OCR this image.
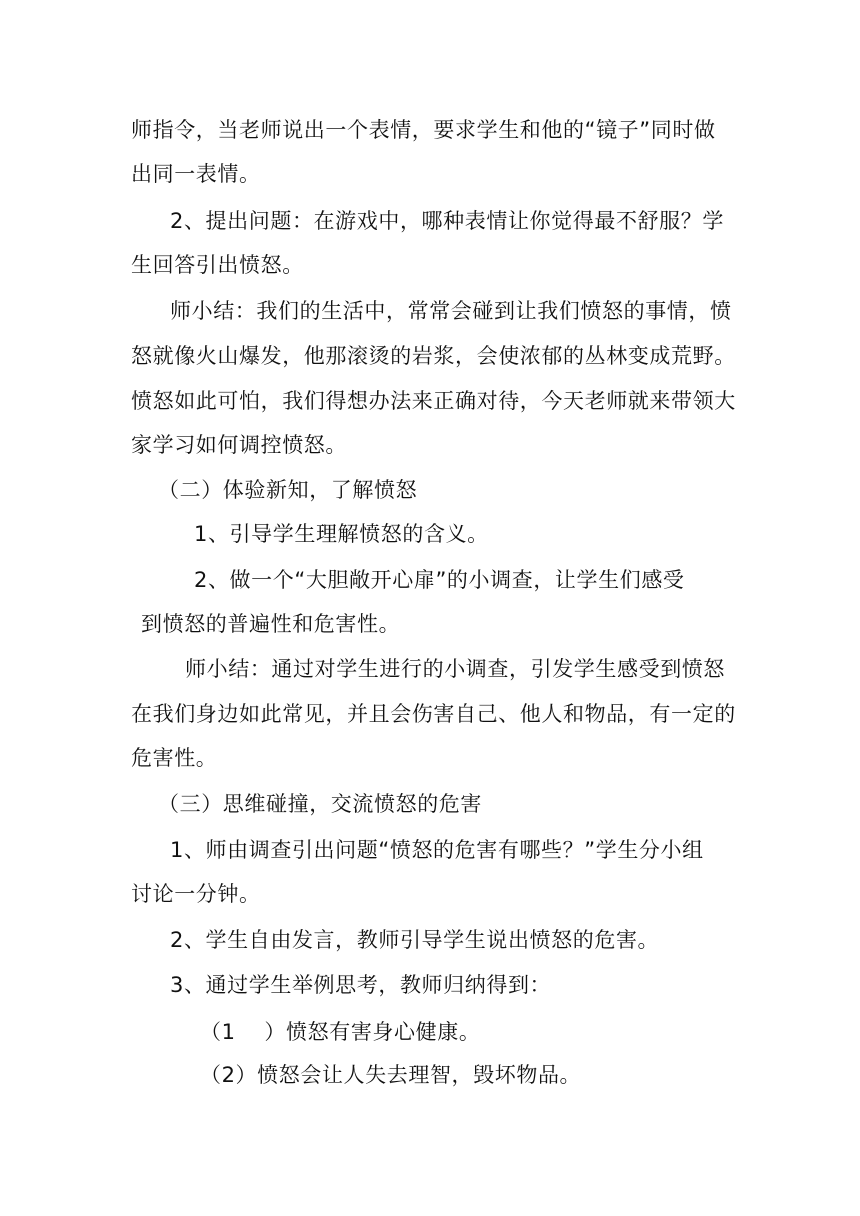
师指令，当老师说出一个表情，要求学生和他的“镜子”同时做
出同一表情。
2、提出问题：在游戏中，哪种表情让你觉得最不舒服？学
生回答引出愤怒。
师小结：我们的生活中，常常会碰到让我们愤怒的事情，愤
怒就像火山爆发，他那滚烫的岩浆，会使浓郁的丛林变成荒野。
愤怒如此可怕，我们得想办法来正确对待，今天老师就来带领大
家学习如何调控愤怒。
（二）体验新知，了解愤怒
1、引导学生理解愤怒的含义。
2、做一个“大胆敞开心扉”的小调查，让学生们感受
到愤怒的普遍性和危害性。
师小结：通过对学生进行的小调查，引发学生感受到愤怒
在我们身边如此常见，并且会伤害自己、他人和物品，有一定的
危害性。
（三）思维碰撞，交流愤怒的危害
1、师由调查引出问题“愤怒的危害有哪些？”学生分小组
讨论一分钟。
2、学生自由发言，教师引导学生说出愤怒的危害。
3、通过学生举例思考，教师归纳得到：
（1　 ）愤怒有害身心健康。
（2）愤怒会让人失去理智，毁坏物品。
